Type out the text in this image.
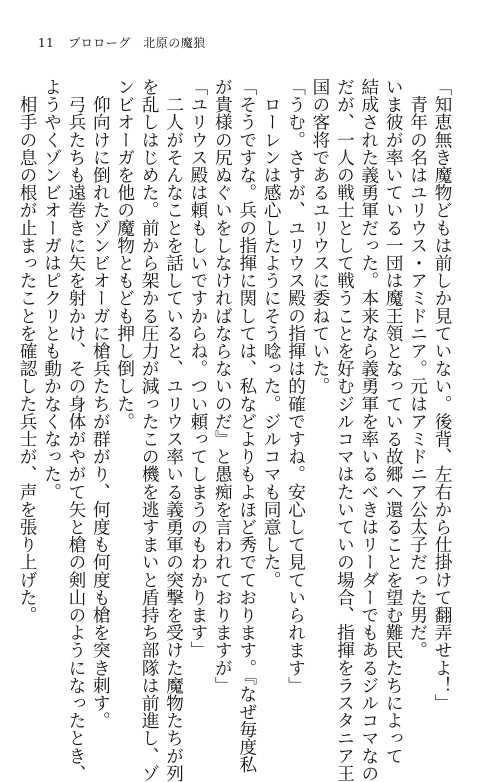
11 プロローグ　北原の魔狼
「知恵無き魔物どもは前しか見ていない。後背、左右から仕掛けて翻弄せよ！」
　青年の名はユリウス・アミドニア。元はアミドニア公太子だった男だ。
いま彼が率いている一団は魔王領となっている故郷へ還ることを望む難民たちによって
結成された義勇軍だった。本来なら義勇軍を率いるべきはリーダーでもあるジルコマなの
だが、一人の戦士として戦うことを好むジルコマはたいていの場合、指揮をラスタニア王
国の客将であるユリウスに委ねていた。
「うむ。さすが、ユリウス殿の指揮は的確ですね。安心して見ていられます」
　ローレンは感心したようにそう唸った。ジルコマも同意した。
「そうですな。兵の指揮に関しては、私などよりもよほど秀でております。『なぜ毎度私
が貴様の尻ぬぐいをしなければならないのだ』と愚痴を言われておりますが」
「ユリウス殿は頼もしいですからね。つい頼ってしまうのもわかります」
　二人がそんなことを話していると、ユリウス率いる義勇軍の突撃を受けた魔物たちが列
を乱しはじめた。前から架かる圧力が減ったこの機を逃すまいと盾持ち部隊は前進し、ゾ
ンビオーガを他の魔物ともども押し倒した。
　仰向けに倒れたゾンビオーガに槍兵たちが群がり、何度も何度も槍を突き刺す。
　弓兵たちも遠巻きに矢を射かけ、その身体がやがて矢と槍の剣山のようになったとき、
ようやくゾンビオーガはピクリとも動かなくなった。
　相手の息の根が止まったことを確認した兵士が、声を張り上げた。
